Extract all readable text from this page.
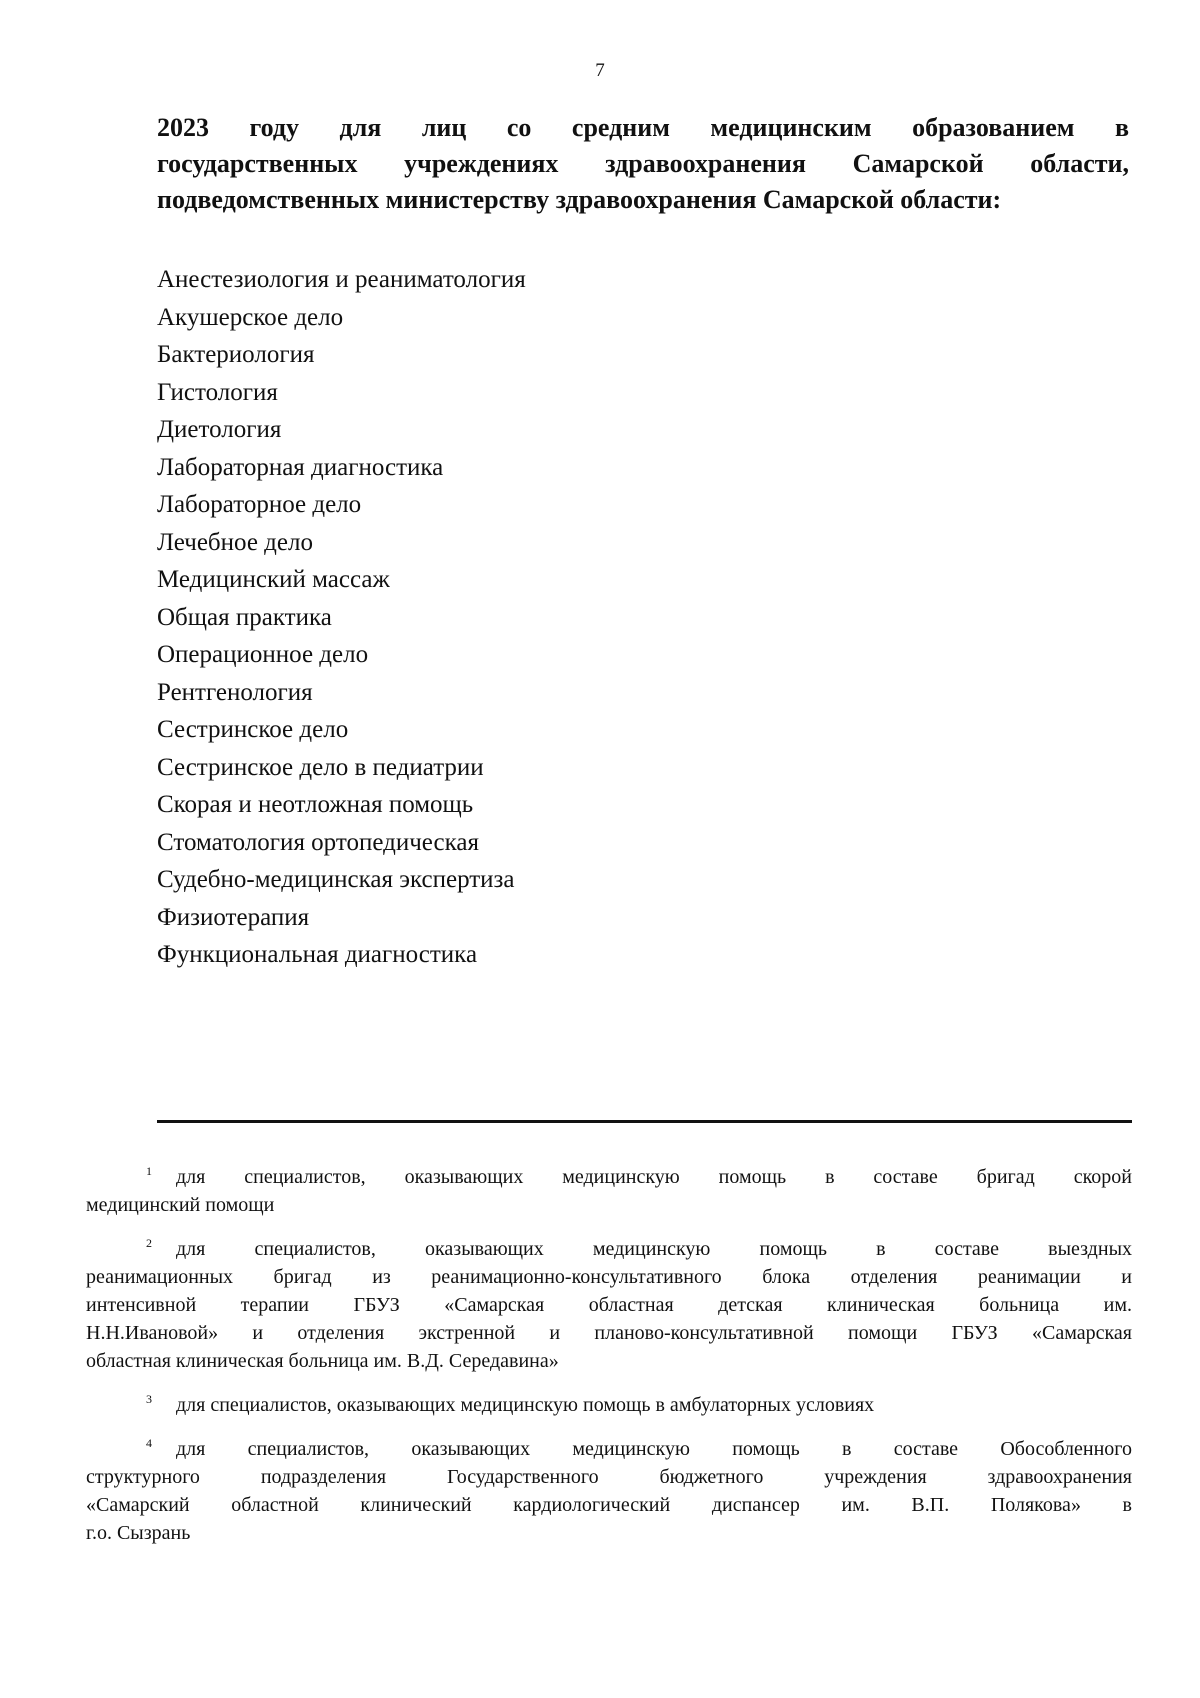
7
2023 году для лиц со средним медицинским образованием в
государственных учреждениях здравоохранения Самарской области,
подведомственных министерству здравоохранения Самарской области:
Анестезиология и реаниматология
Акушерское дело
Бактериология
Гистология
Диетология
Лабораторная диагностика
Лабораторное дело
Лечебное дело
Медицинский массаж
Общая практика
Операционное дело
Рентгенология
Сестринское дело
Сестринское дело в педиатрии
Скорая и неотложная помощь
Стоматология ортопедическая
Судебно-медицинская экспертиза
Физиотерапия
Функциональная диагностика
$^1$ для специалистов, оказывающих медицинскую помощь в составе бригад скорой
медицинский помощи
$^2$ для специалистов, оказывающих медицинскую помощь в составе выездных
реанимационных бригад из реанимационно-консультативного блока отделения реанимации и
интенсивной терапии ГБУЗ «Самарская областная детская клиническая больница им.
Н.Н.Ивановой» и отделения экстренной и планово-консультативной помощи ГБУЗ «Самарская
областная клиническая больница им. В.Д. Середавина»
$^3$ для специалистов, оказывающих медицинскую помощь в амбулаторных условиях
$^4$ для специалистов, оказывающих медицинскую помощь в составе Обособленного
структурного подразделения Государственного бюджетного учреждения здравоохранения
«Самарский областной клинический кардиологический диспансер им. В.П. Полякова» в
г.о. Сызрань
